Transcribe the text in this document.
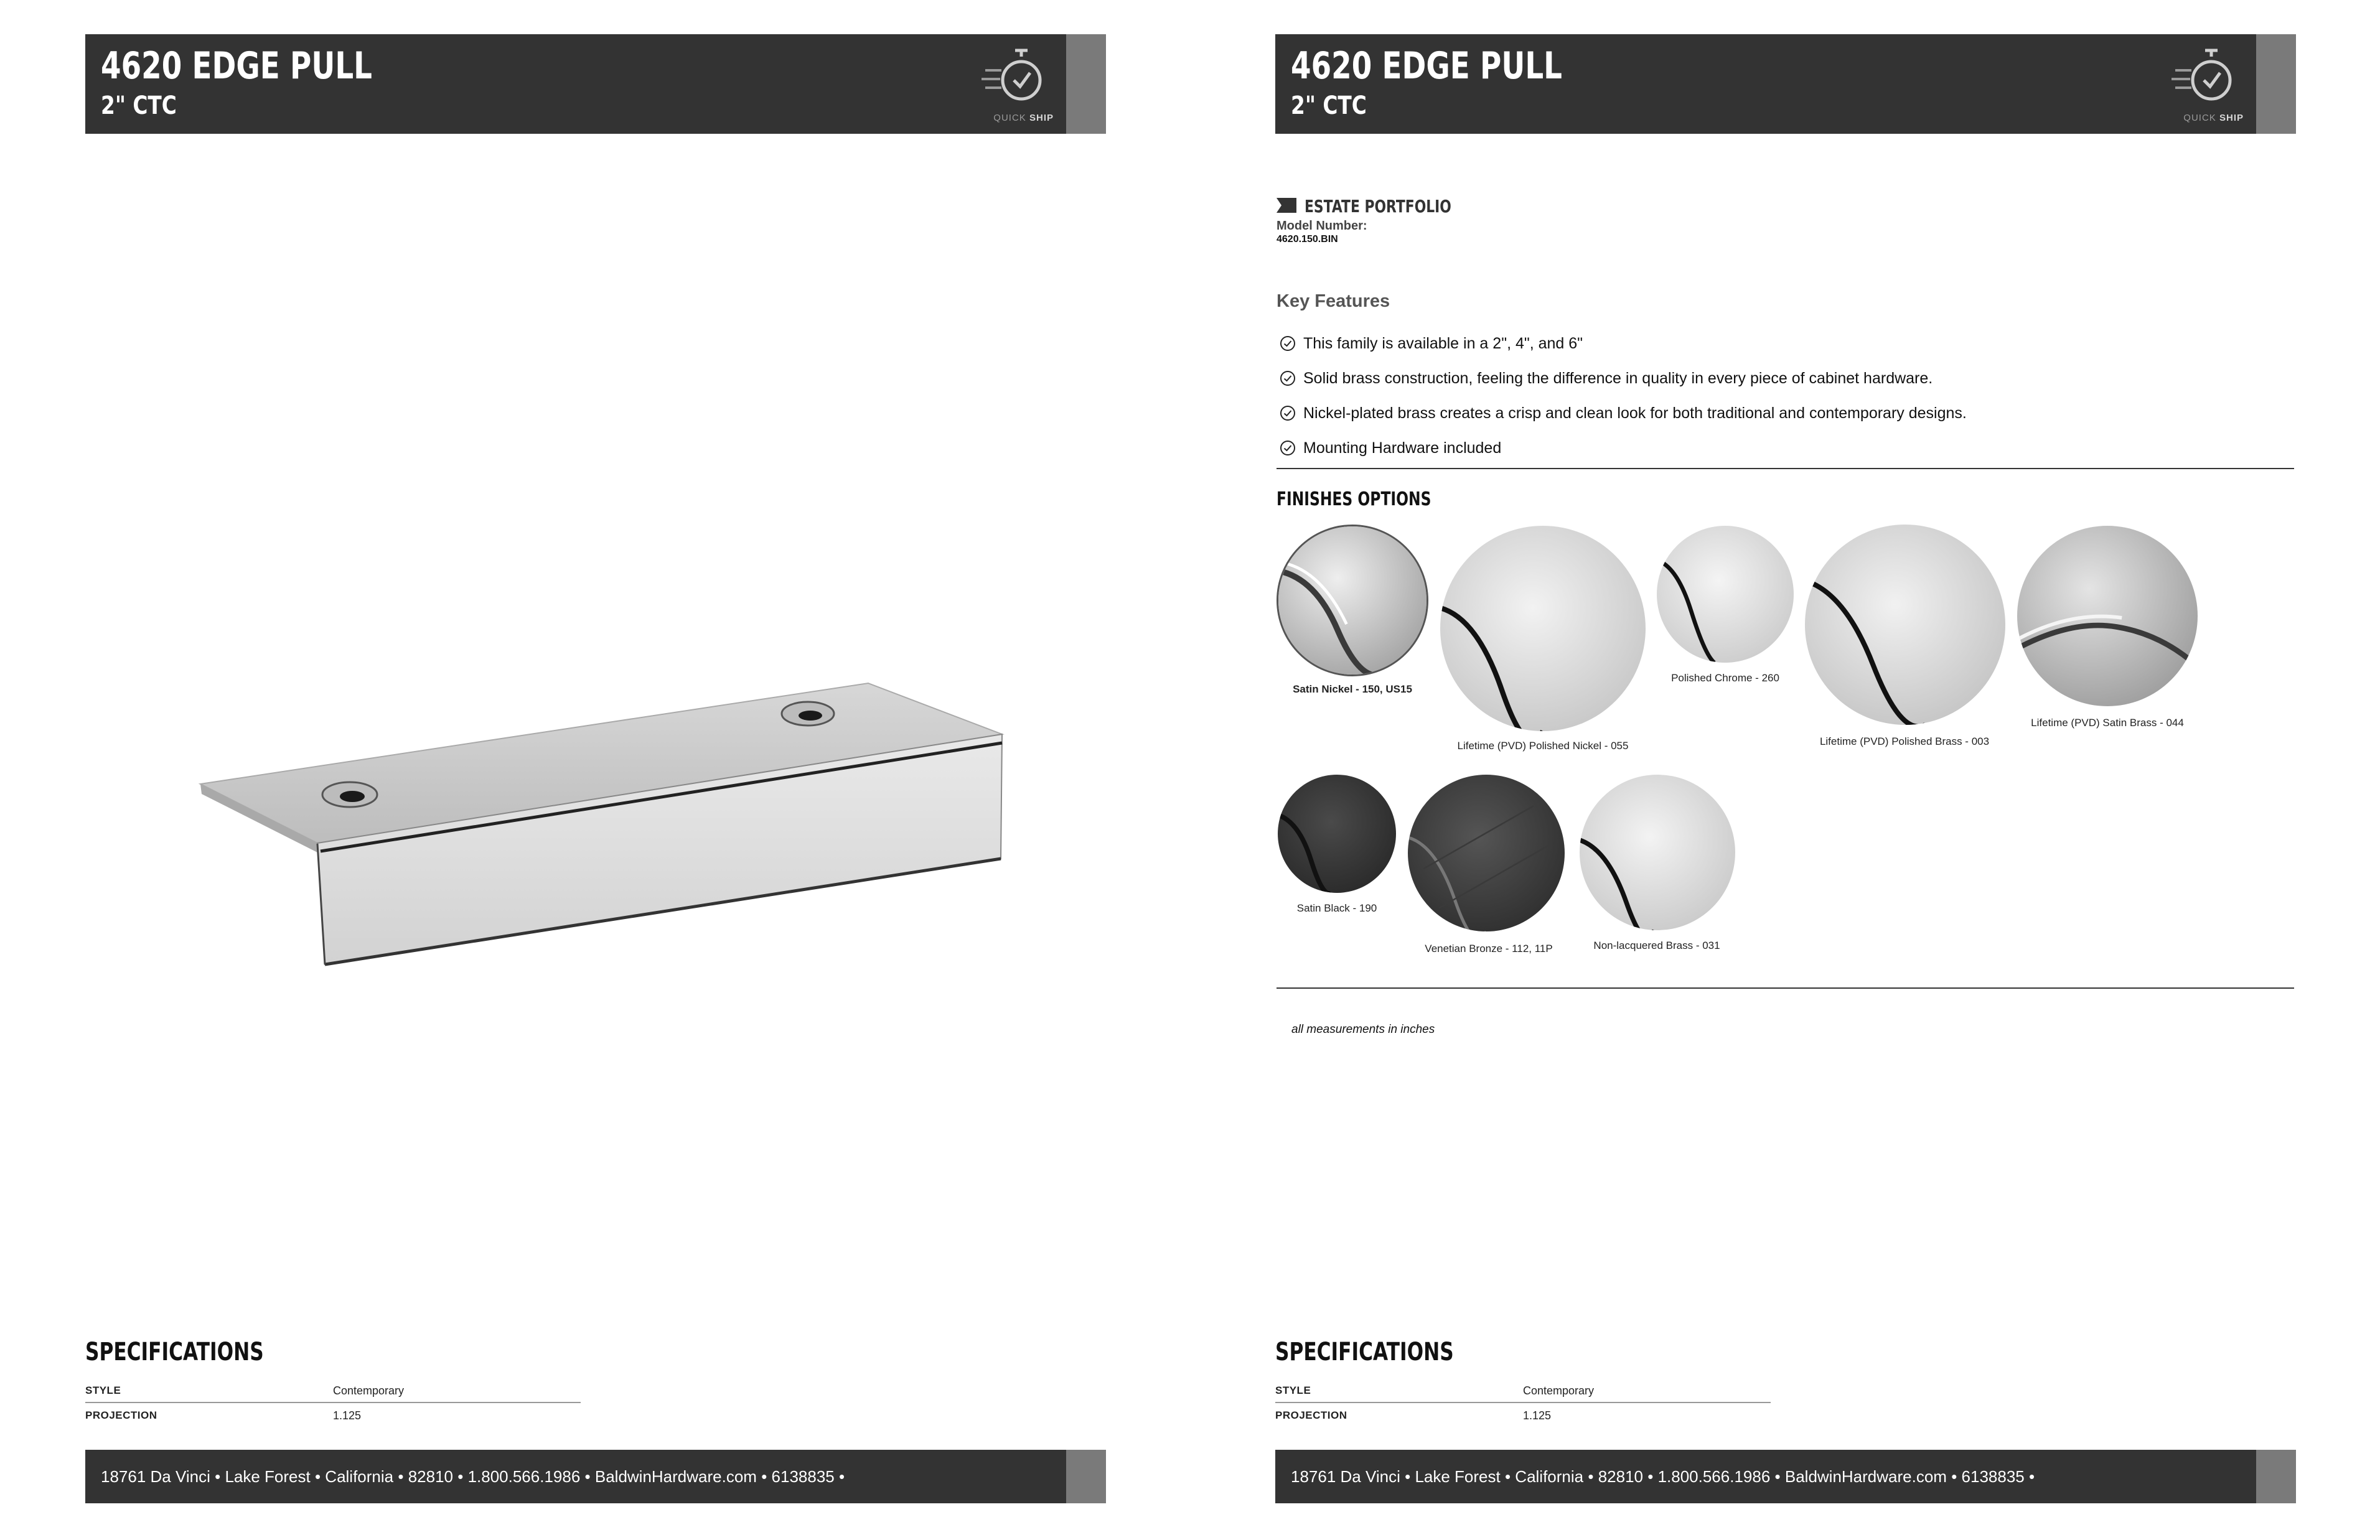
4620 EDGE PULL
2" CTC	QUICK SHIP
SPECIFICATIONS
STYLE	Contemporary
PROJECTION	1.125
18761 Da Vinci • Lake Forest • California • 82810 • 1.800.566.1986 • BaldwinHardware.com • 6138835 •
4620 EDGE PULL
2" CTC	QUICK SHIP
SPECIFICATIONS
STYLE	Contemporary
PROJECTION	1.125
18761 Da Vinci • Lake Forest • California • 82810 • 1.800.566.1986 • BaldwinHardware.com • 6138835 •
ESTATE PORTFOLIO
Model Number:
4620.150.BIN
Key Features
This family is available in a 2", 4", and 6"
Solid brass construction, feeling the difference in quality in every piece of cabinet hardware.
Nickel-plated brass creates a crisp and clean look for both traditional and contemporary designs.
Mounting Hardware included
FINISHES OPTIONS
Satin Nickel - 150, US15
Lifetime (PVD) Polished Nickel - 055
Polished Chrome - 260
Lifetime (PVD) Polished Brass - 003
Lifetime (PVD) Satin Brass - 044
Satin Black - 190
Venetian Bronze - 112, 11P	Non-lacquered Brass - 031
all measurements in inches
